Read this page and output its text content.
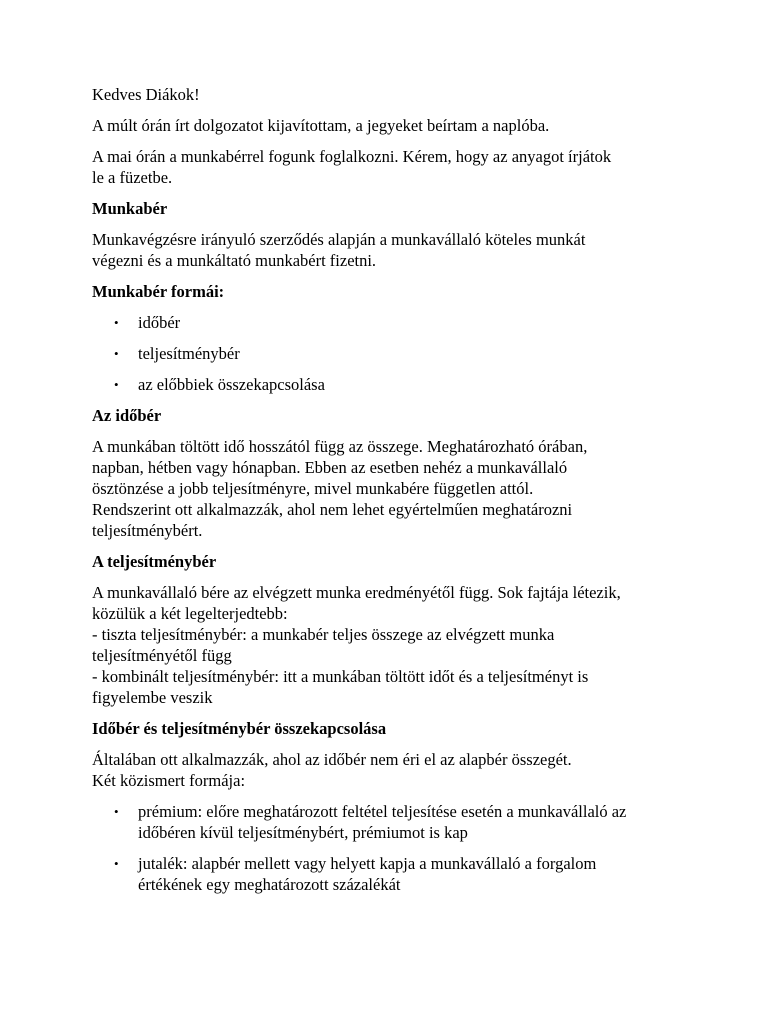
Kedves Diákok!

A múlt órán írt dolgozatot kijavítottam, a jegyeket beírtam a naplóba.

A mai órán a munkabérrel fogunk foglalkozni. Kérem, hogy az anyagot írjátok
le a füzetbe.

Munkabér

Munkavégzésre irányuló szerződés alapján a munkavállaló köteles munkát
végezni és a munkáltató munkabért fizetni.

Munkabér formái:

• időbér
• teljesítménybér
• az előbbiek összekapcsolása

Az időbér

A munkában töltött idő hosszától függ az összege. Meghatározható órában,
napban, hétben vagy hónapban. Ebben az esetben nehéz a munkavállaló
ösztönzése a jobb teljesítményre, mivel munkabére független attól.
Rendszerint ott alkalmazzák, ahol nem lehet egyértelműen meghatározni
teljesítménybért.

A teljesítménybér

A munkavállaló bére az elvégzett munka eredményétől függ. Sok fajtája létezik,
közülük a két legelterjedtebb:
- tiszta teljesítménybér: a munkabér teljes összege az elvégzett munka
teljesítményétől függ
- kombinált teljesítménybér: itt a munkában töltött időt és a teljesítményt is
figyelembe veszik

Időbér és teljesítménybér összekapcsolása

Általában ott alkalmazzák, ahol az időbér nem éri el az alapbér összegét.
Két közismert formája:

• prémium: előre meghatározott feltétel teljesítése esetén a munkavállaló az
időbéren kívül teljesítménybért, prémiumot is kap
• jutalék: alapbér mellett vagy helyett kapja a munkavállaló a forgalom
értékének egy meghatározott százalékát
